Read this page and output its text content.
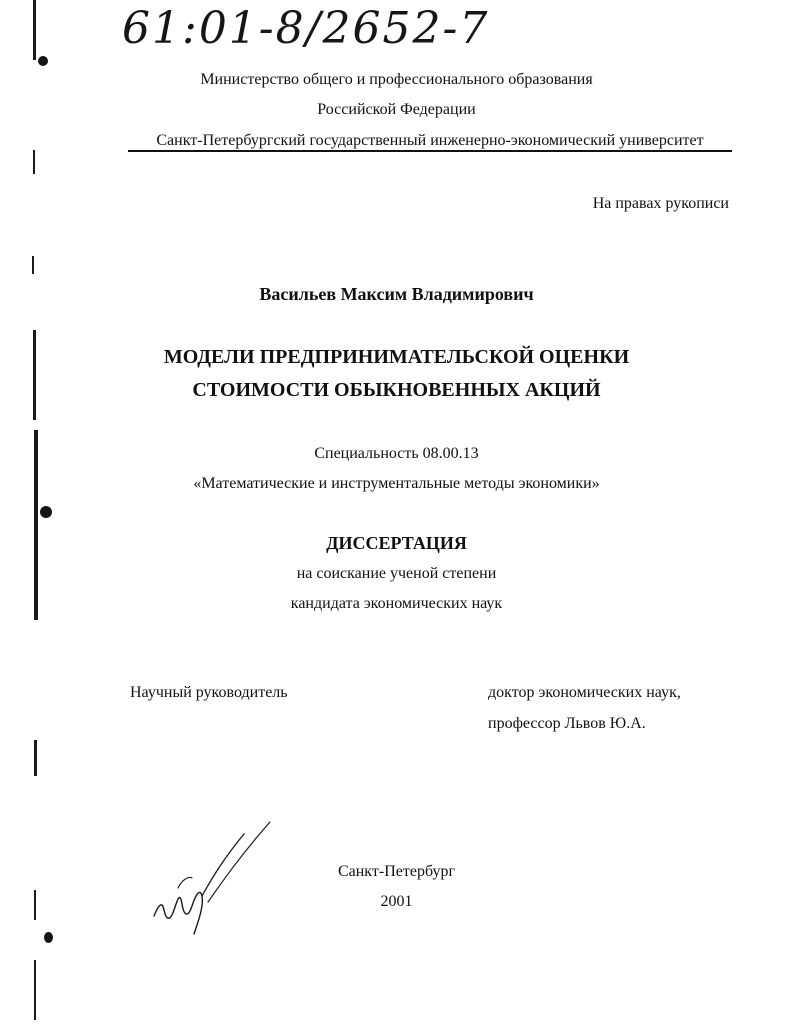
61:01-8/2652-7
Министерство общего и профессионального образования
Российской Федерации
Санкт-Петербургский государственный инженерно-экономический университет
На правах рукописи
Васильев Максим Владимирович
МОДЕЛИ ПРЕДПРИНИМАТЕЛЬСКОЙ ОЦЕНКИ
СТОИМОСТИ ОБЫКНОВЕННЫХ АКЦИЙ
Специальность 08.00.13
«Математические и инструментальные методы экономики»
ДИССЕРТАЦИЯ
на соискание ученой степени
кандидата экономических наук
Научный руководитель	доктор экономических наук,
профессор Львов Ю.А.
Санкт-Петербург
2001
